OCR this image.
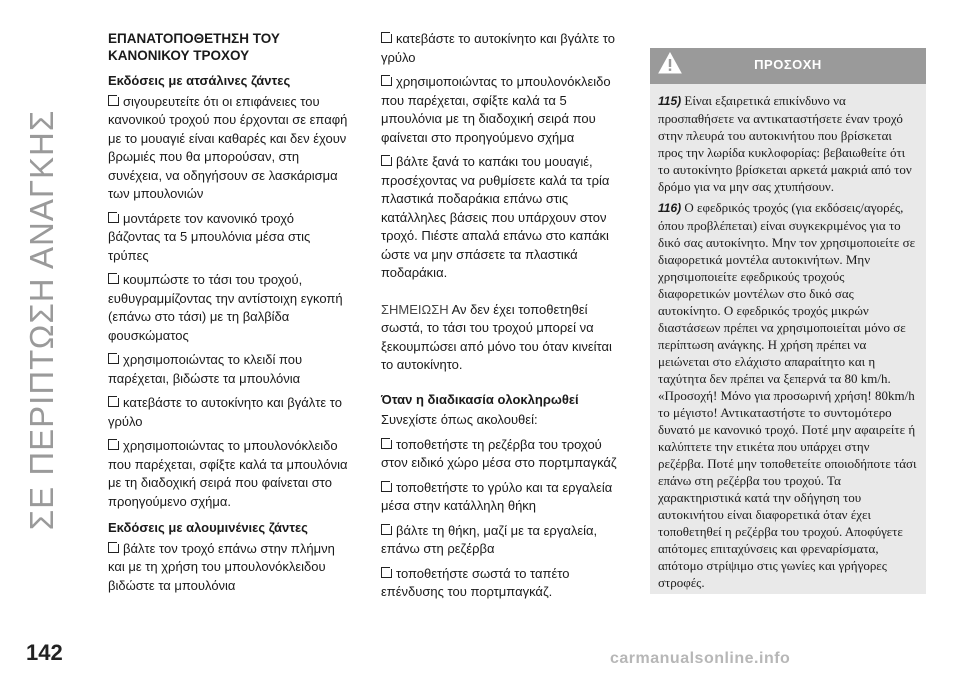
ΣΕ ΠΕΡΙΠΤΩΣΗ ΑΝΑΓΚΗΣ

ΕΠΑΝΑΤΟΠΟΘΕΤΗΣΗ ΤΟΥ ΚΑΝΟΝΙΚΟΥ ΤΡΟΧΟΥ

Εκδόσεις με ατσάλινες ζάντες

σιγουρευτείτε ότι οι επιφάνειες του κανονικού τροχού που έρχονται σε επαφή με το μουαγιέ είναι καθαρές και δεν έχουν βρωμιές που θα μπορούσαν, στη συνέχεια, να οδηγήσουν σε λασκάρισμα των μπουλονιών

μοντάρετε τον κανονικό τροχό βάζοντας τα 5 μπουλόνια μέσα στις τρύπες

κουμπώστε το τάσι του τροχού, ευθυγραμμίζοντας την αντίστοιχη εγκοπή (επάνω στο τάσι) με τη βαλβίδα φουσκώματος

χρησιμοποιώντας το κλειδί που παρέχεται, βιδώστε τα μπουλόνια

κατεβάστε το αυτοκίνητο και βγάλτε το γρύλο

χρησιμοποιώντας το μπουλονόκλειδο που παρέχεται, σφίξτε καλά τα μπουλόνια με τη διαδοχική σειρά που φαίνεται στο προηγούμενο σχήμα.

Εκδόσεις με αλουμινένιες ζάντες

βάλτε τον τροχό επάνω στην πλήμνη και με τη χρήση του μπουλονόκλειδου βιδώστε τα μπουλόνια

κατεβάστε το αυτοκίνητο και βγάλτε το γρύλο

χρησιμοποιώντας το μπουλονόκλειδο που παρέχεται, σφίξτε καλά τα 5 μπουλόνια με τη διαδοχική σειρά που φαίνεται στο προηγούμενο σχήμα

βάλτε ξανά το καπάκι του μουαγιέ, προσέχοντας να ρυθμίσετε καλά τα τρία πλαστικά ποδαράκια επάνω στις κατάλληλες βάσεις που υπάρχουν στον τροχό. Πιέστε απαλά επάνω στο καπάκι ώστε να μην σπάσετε τα πλαστικά ποδαράκια.

ΣΗΜΕΙΩΣΗ Αν δεν έχει τοποθετηθεί σωστά, το τάσι του τροχού μπορεί να ξεκουμπώσει από μόνο του όταν κινείται το αυτοκίνητο.

Όταν η διαδικασία ολοκληρωθεί

Συνεχίστε όπως ακολουθεί:

τοποθετήστε τη ρεζέρβα του τροχού στον ειδικό χώρο μέσα στο πορτμπαγκάζ

τοποθετήστε το γρύλο και τα εργαλεία μέσα στην κατάλληλη θήκη

βάλτε τη θήκη, μαζί με τα εργαλεία, επάνω στη ρεζέρβα

τοποθετήστε σωστά το ταπέτο επένδυσης του πορτμπαγκάζ.

ΠΡΟΣΟΧΗ

115) Είναι εξαιρετικά επικίνδυνο να προσπαθήσετε να αντικαταστήσετε έναν τροχό στην πλευρά του αυτοκινήτου που βρίσκεται προς την λωρίδα κυκλοφορίας: βεβαιωθείτε ότι το αυτοκίνητο βρίσκεται αρκετά μακριά από τον δρόμο για να μην σας χτυπήσουν.

116) Ο εφεδρικός τροχός (για εκδόσεις/αγορές, όπου προβλέπεται) είναι συγκεκριμένος για το δικό σας αυτοκίνητο. Μην τον χρησιμοποιείτε σε διαφορετικά μοντέλα αυτοκινήτων. Μην χρησιμοποιείτε εφεδρικούς τροχούς διαφορετικών μοντέλων στο δικό σας αυτοκίνητο. Ο εφεδρικός τροχός μικρών διαστάσεων πρέπει να χρησιμοποιείται μόνο σε περίπτωση ανάγκης. Η χρήση πρέπει να μειώνεται στο ελάχιστο απαραίτητο και η ταχύτητα δεν πρέπει να ξεπερνά τα 80 km/h. «Προσοχή! Μόνο για προσωρινή χρήση! 80km/h το μέγιστο! Αντικαταστήστε το συντομότερο δυνατό με κανονικό τροχό. Ποτέ μην αφαιρείτε ή καλύπτετε την ετικέτα που υπάρχει στην ρεζέρβα. Ποτέ μην τοποθετείτε οποιοδήποτε τάσι επάνω στη ρεζέρβα του τροχού. Τα χαρακτηριστικά κατά την οδήγηση του αυτοκινήτου είναι διαφορετικά όταν έχει τοποθετηθεί η ρεζέρβα του τροχού. Αποφύγετε απότομες επιταχύνσεις και φρεναρίσματα, απότομο στρίψιμο στις γωνίες και γρήγορες στροφές.

142	carmanualsonline.info
